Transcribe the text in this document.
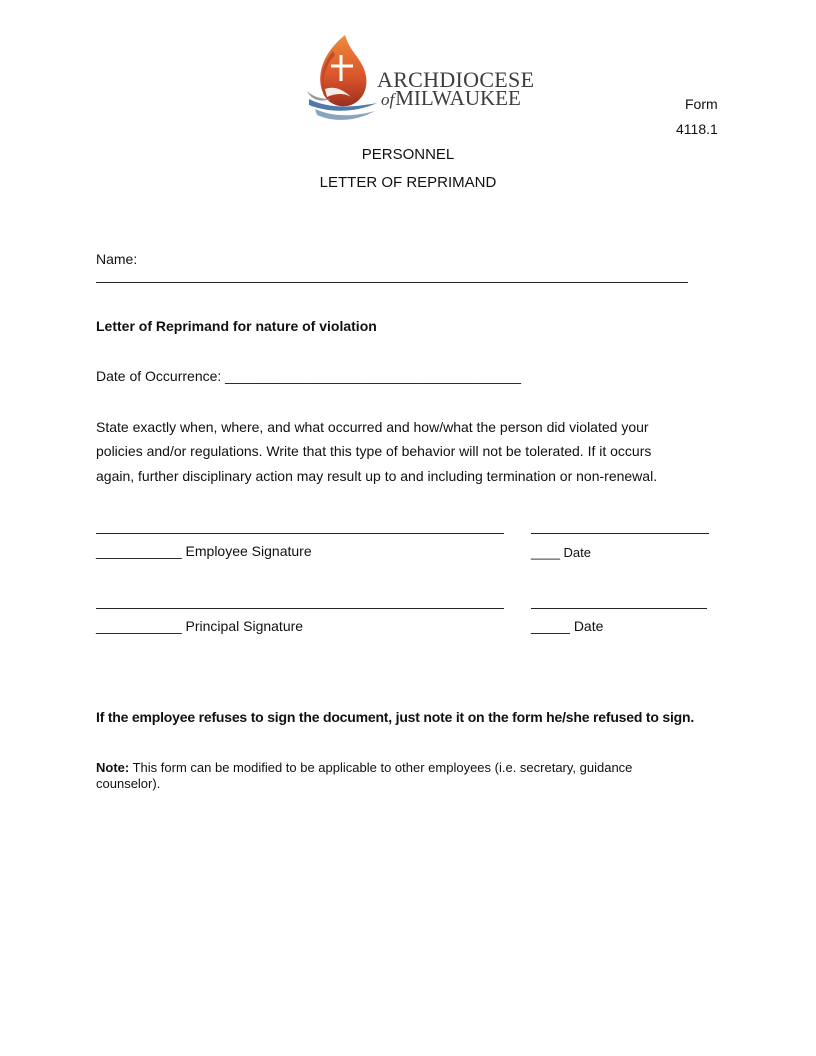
ARCHDIOCESE
ofMILWAUKEE	Form
4118.1
PERSONNEL
LETTER OF REPRIMAND
Name:
Letter of Reprimand for nature of violation
Date of Occurrence: ______________________________________
State exactly when, where, and what occurred and how/what the person did violated your
policies and/or regulations. Write that this type of behavior will not be tolerated. If it occurs
again, further disciplinary action may result up to and including termination or non-renewal.
___________ Employee Signature	____ Date
___________ Principal Signature	_____ Date
If the employee refuses to sign the document, just note it on the form he/she refused to sign.
Note: This form can be modified to be applicable to other employees (i.e. secretary, guidance counselor).
